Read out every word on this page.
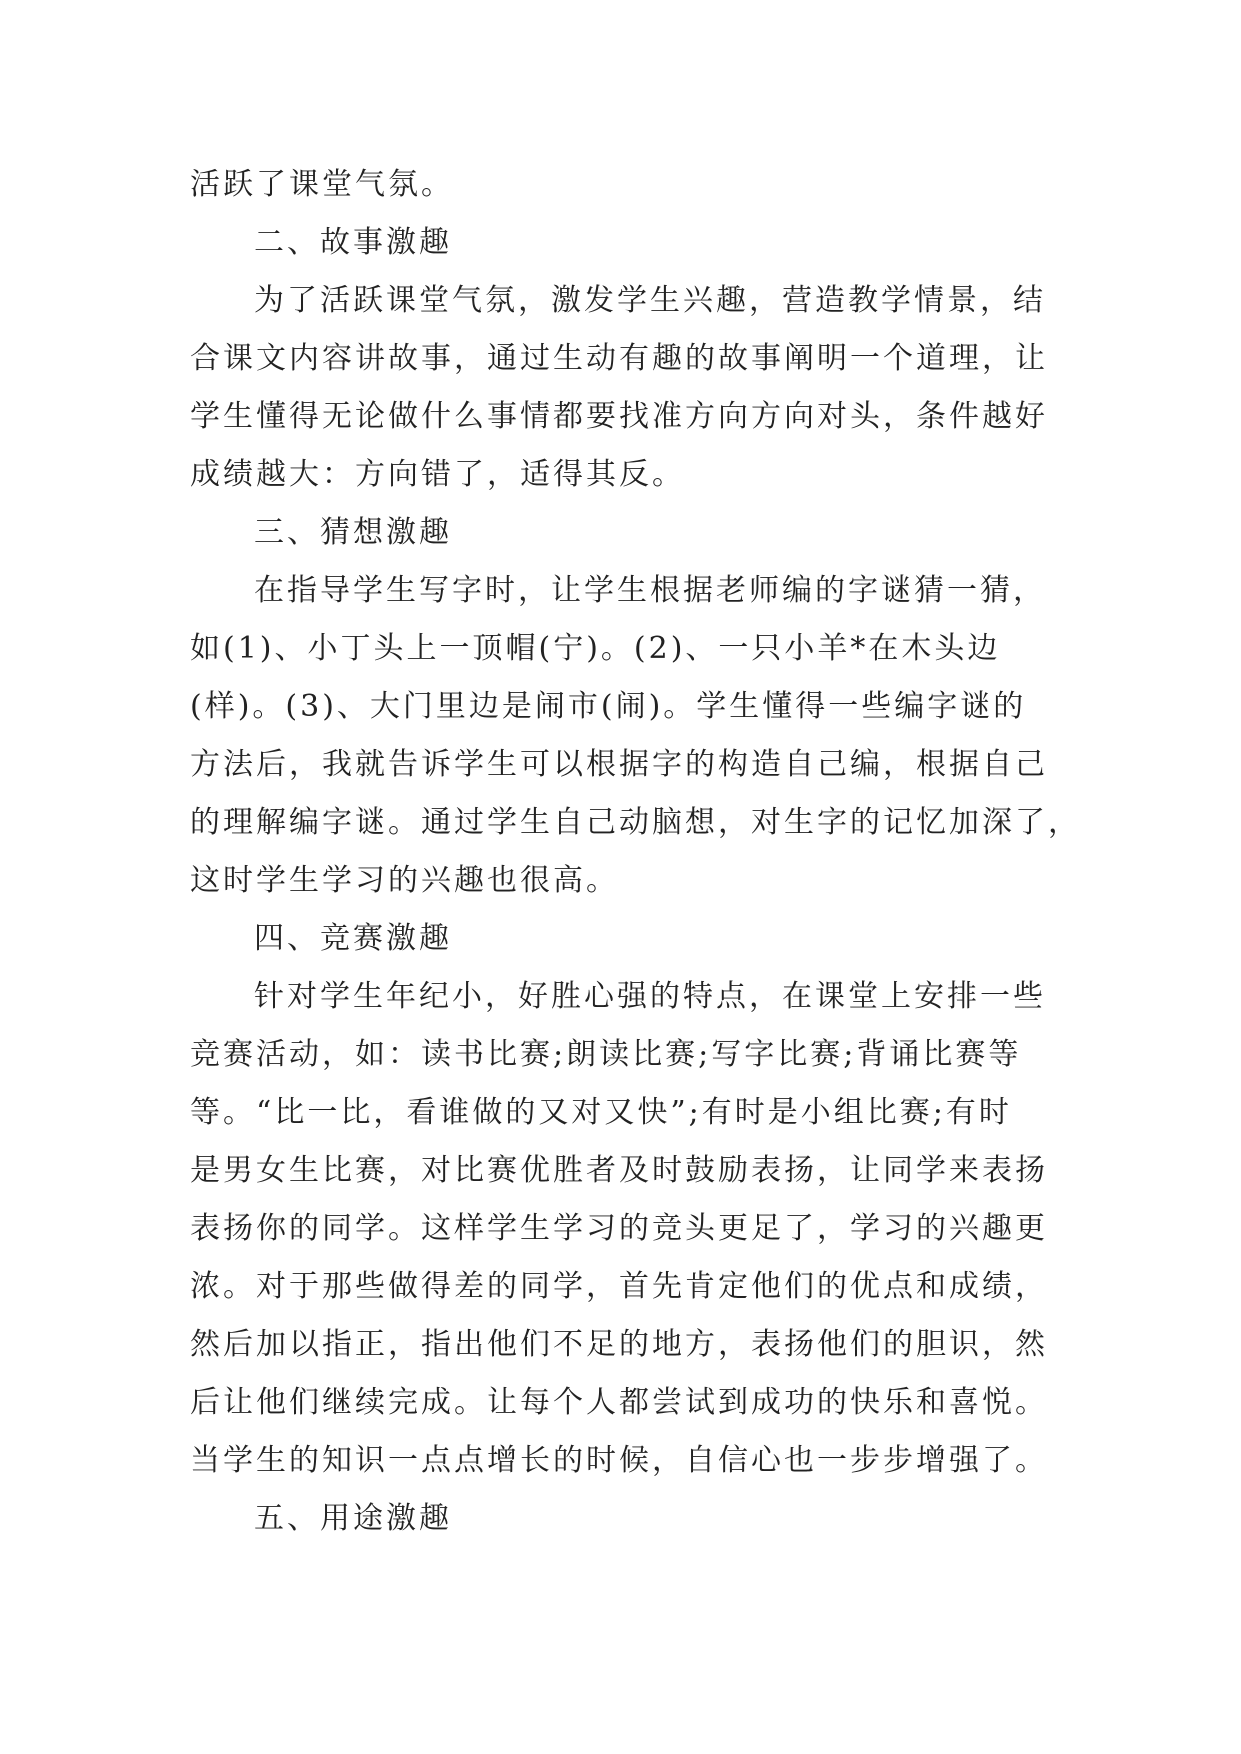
活跃了课堂气氛。
二、故事激趣
为了活跃课堂气氛，激发学生兴趣，营造教学情景，结
合课文内容讲故事，通过生动有趣的故事阐明一个道理，让
学生懂得无论做什么事情都要找准方向方向对头，条件越好
成绩越大：方向错了，适得其反。
三、猜想激趣
在指导学生写字时，让学生根据老师编的字谜猜一猜，
如(1)、小丁头上一顶帽(宁)。(2)、一只小羊*在木头边
(样)。(3)、大门里边是闹市(闹)。学生懂得一些编字谜的
方法后，我就告诉学生可以根据字的构造自己编，根据自己
的理解编字谜。通过学生自己动脑想，对生字的记忆加深了，
这时学生学习的兴趣也很高。
四、竞赛激趣
针对学生年纪小，好胜心强的特点，在课堂上安排一些
竞赛活动，如：读书比赛;朗读比赛;写字比赛;背诵比赛等
等。“比一比，看谁做的又对又快”;有时是小组比赛;有时
是男女生比赛，对比赛优胜者及时鼓励表扬，让同学来表扬
表扬你的同学。这样学生学习的竞头更足了，学习的兴趣更
浓。对于那些做得差的同学，首先肯定他们的优点和成绩，
然后加以指正，指出他们不足的地方，表扬他们的胆识，然
后让他们继续完成。让每个人都尝试到成功的快乐和喜悦。
当学生的知识一点点增长的时候，自信心也一步步增强了。
五、用途激趣
